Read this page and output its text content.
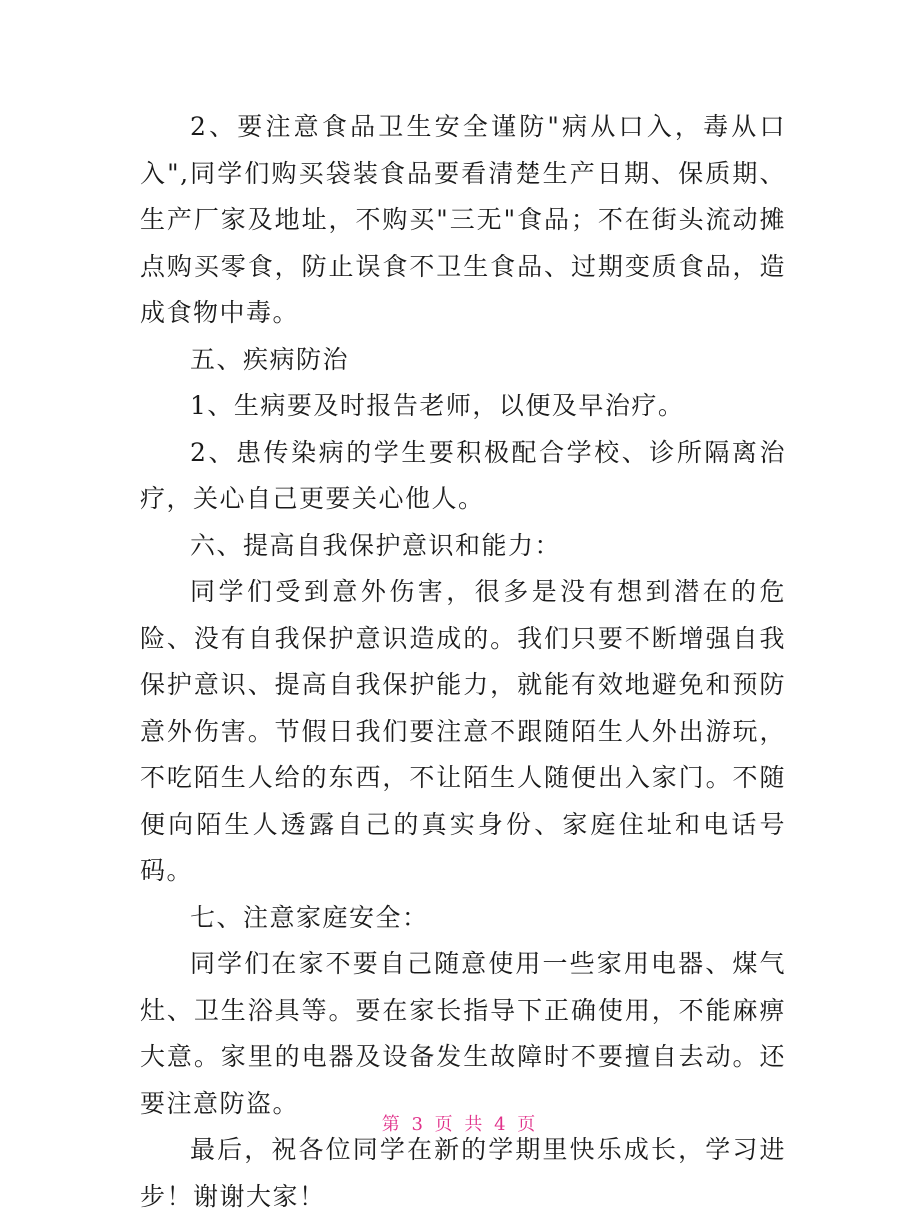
2、要注意食品卫生安全谨防"病从口入，毒从口入",同学们购买袋装食品要看清楚生产日期、保质期、生产厂家及地址，不购买"三无"食品；不在街头流动摊点购买零食，防止误食不卫生食品、过期变质食品，造成食物中毒。

五、疾病防治

1、生病要及时报告老师，以便及早治疗。

2、患传染病的学生要积极配合学校、诊所隔离治疗，关心自己更要关心他人。

六、提高自我保护意识和能力：

同学们受到意外伤害，很多是没有想到潜在的危险、没有自我保护意识造成的。我们只要不断增强自我保护意识、提高自我保护能力，就能有效地避免和预防意外伤害。节假日我们要注意不跟随陌生人外出游玩，不吃陌生人给的东西，不让陌生人随便出入家门。不随便向陌生人透露自己的真实身份、家庭住址和电话号码。

七、注意家庭安全：

同学们在家不要自己随意使用一些家用电器、煤气灶、卫生浴具等。要在家长指导下正确使用，不能麻痹大意。家里的电器及设备发生故障时不要擅自去动。还要注意防盗。

最后，祝各位同学在新的学期里快乐成长，学习进步！谢谢大家！

第 3 页 共 4 页
